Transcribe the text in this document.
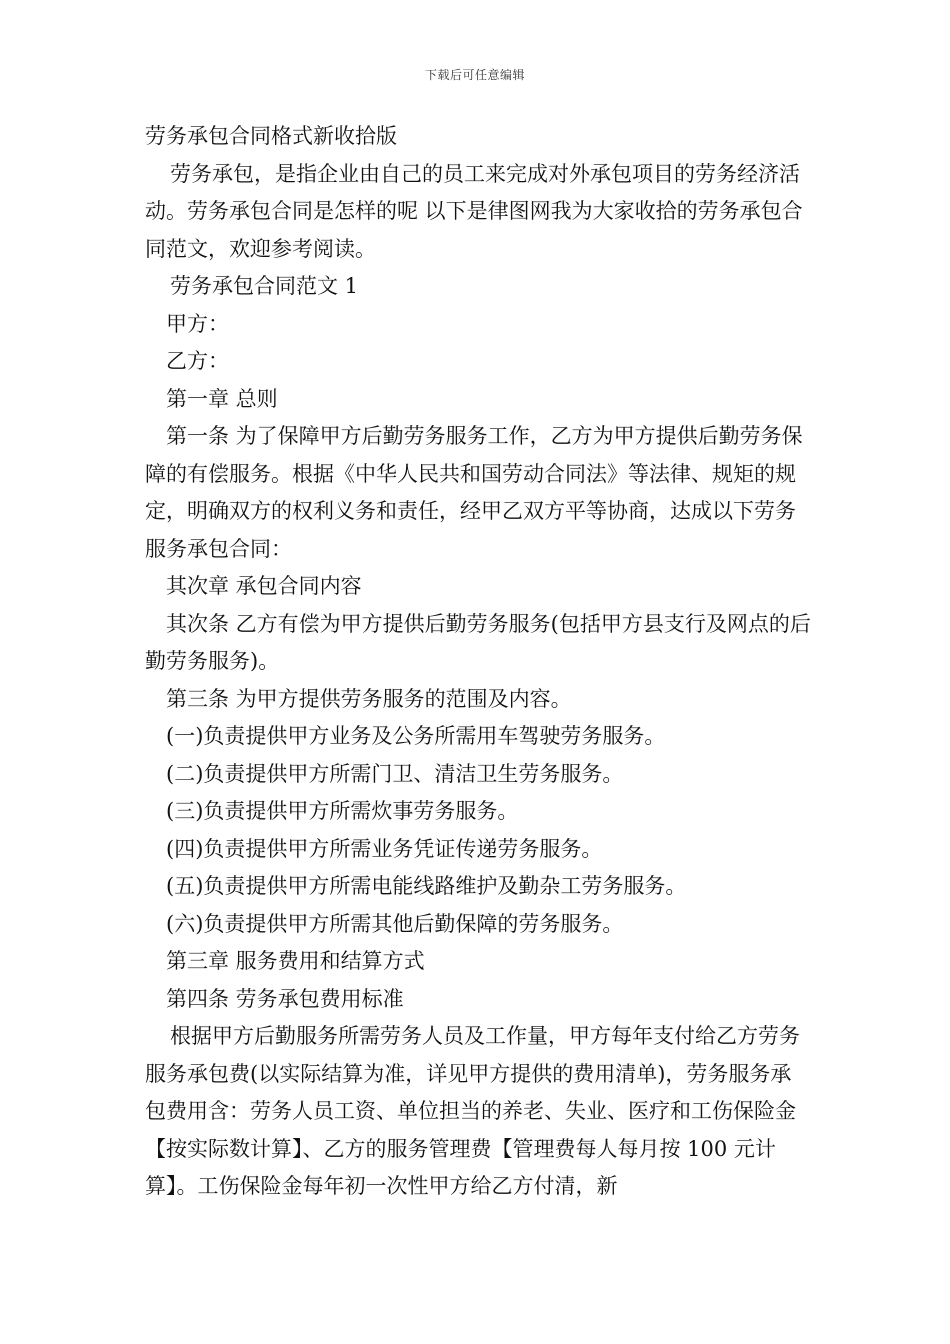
下载后可任意编辑

劳务承包合同格式新收拾版

劳务承包，是指企业由自己的员工来完成对外承包项目的劳务经济活动。劳务承包合同是怎样的呢 以下是律图网我为大家收拾的劳务承包合同范文，欢迎参考阅读。

劳务承包合同范文 1

甲方：

乙方：

第一章 总则

第一条 为了保障甲方后勤劳务服务工作，乙方为甲方提供后勤劳务保障的有偿服务。根据《中华人民共和国劳动合同法》等法律、规矩的规定，明确双方的权利义务和责任，经甲乙双方平等协商，达成以下劳务服务承包合同：

其次章 承包合同内容

其次条 乙方有偿为甲方提供后勤劳务服务(包括甲方县支行及网点的后勤劳务服务)。

第三条 为甲方提供劳务服务的范围及内容。

(一)负责提供甲方业务及公务所需用车驾驶劳务服务。

(二)负责提供甲方所需门卫、清洁卫生劳务服务。

(三)负责提供甲方所需炊事劳务服务。

(四)负责提供甲方所需业务凭证传递劳务服务。

(五)负责提供甲方所需电能线路维护及勤杂工劳务服务。

(六)负责提供甲方所需其他后勤保障的劳务服务。

第三章 服务费用和结算方式

第四条 劳务承包费用标准

根据甲方后勤服务所需劳务人员及工作量，甲方每年支付给乙方劳务服务承包费(以实际结算为准，详见甲方提供的费用清单)，劳务服务承包费用含：劳务人员工资、单位担当的养老、失业、医疗和工伤保险金【按实际数计算】、乙方的服务管理费【管理费每人每月按 100 元计算】。工伤保险金每年初一次性甲方给乙方付清，新
